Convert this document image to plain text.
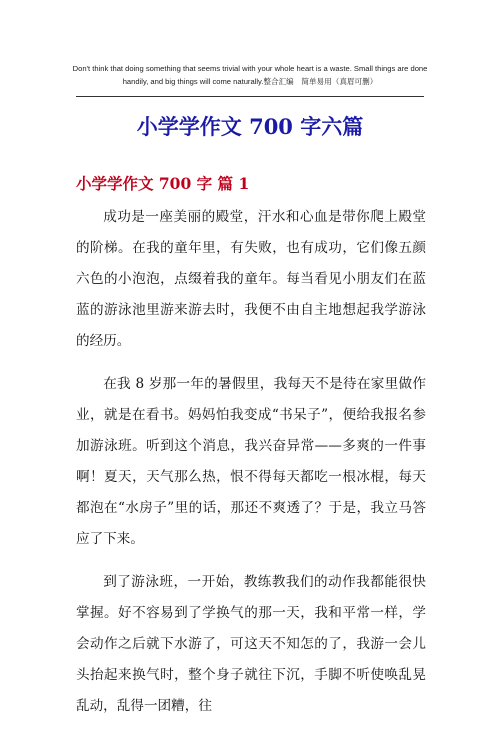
Don't think that doing something that seems trivial with your whole heart is a waste. Small things are done handily, and big things will come naturally.整合汇编　简单易用（真眉可删）
小学学作文 700 字六篇
小学学作文 700 字 篇 1

成功是一座美丽的殿堂，汗水和心血是带你爬上殿堂的阶梯。在我的童年里，有失败，也有成功，它们像五颜六色的小泡泡，点缀着我的童年。每当看见小朋友们在蓝蓝的游泳池里游来游去时，我便不由自主地想起我学游泳的经历。

在我 8 岁那一年的暑假里，我每天不是待在家里做作业，就是在看书。妈妈怕我变成“书呆子”，便给我报名参加游泳班。听到这个消息，我兴奋异常——多爽的一件事啊！夏天，天气那么热，恨不得每天都吃一根冰棍，每天都泡在“水房子”里的话，那还不爽透了？于是，我立马答应了下来。

到了游泳班，一开始，教练教我们的动作我都能很快掌握。好不容易到了学换气的那一天，我和平常一样，学会动作之后就下水游了，可这天不知怎的了，我游一会儿头抬起来换气时，整个身子就往下沉，手脚不听使唤乱晃乱动，乱得一团糟，往
